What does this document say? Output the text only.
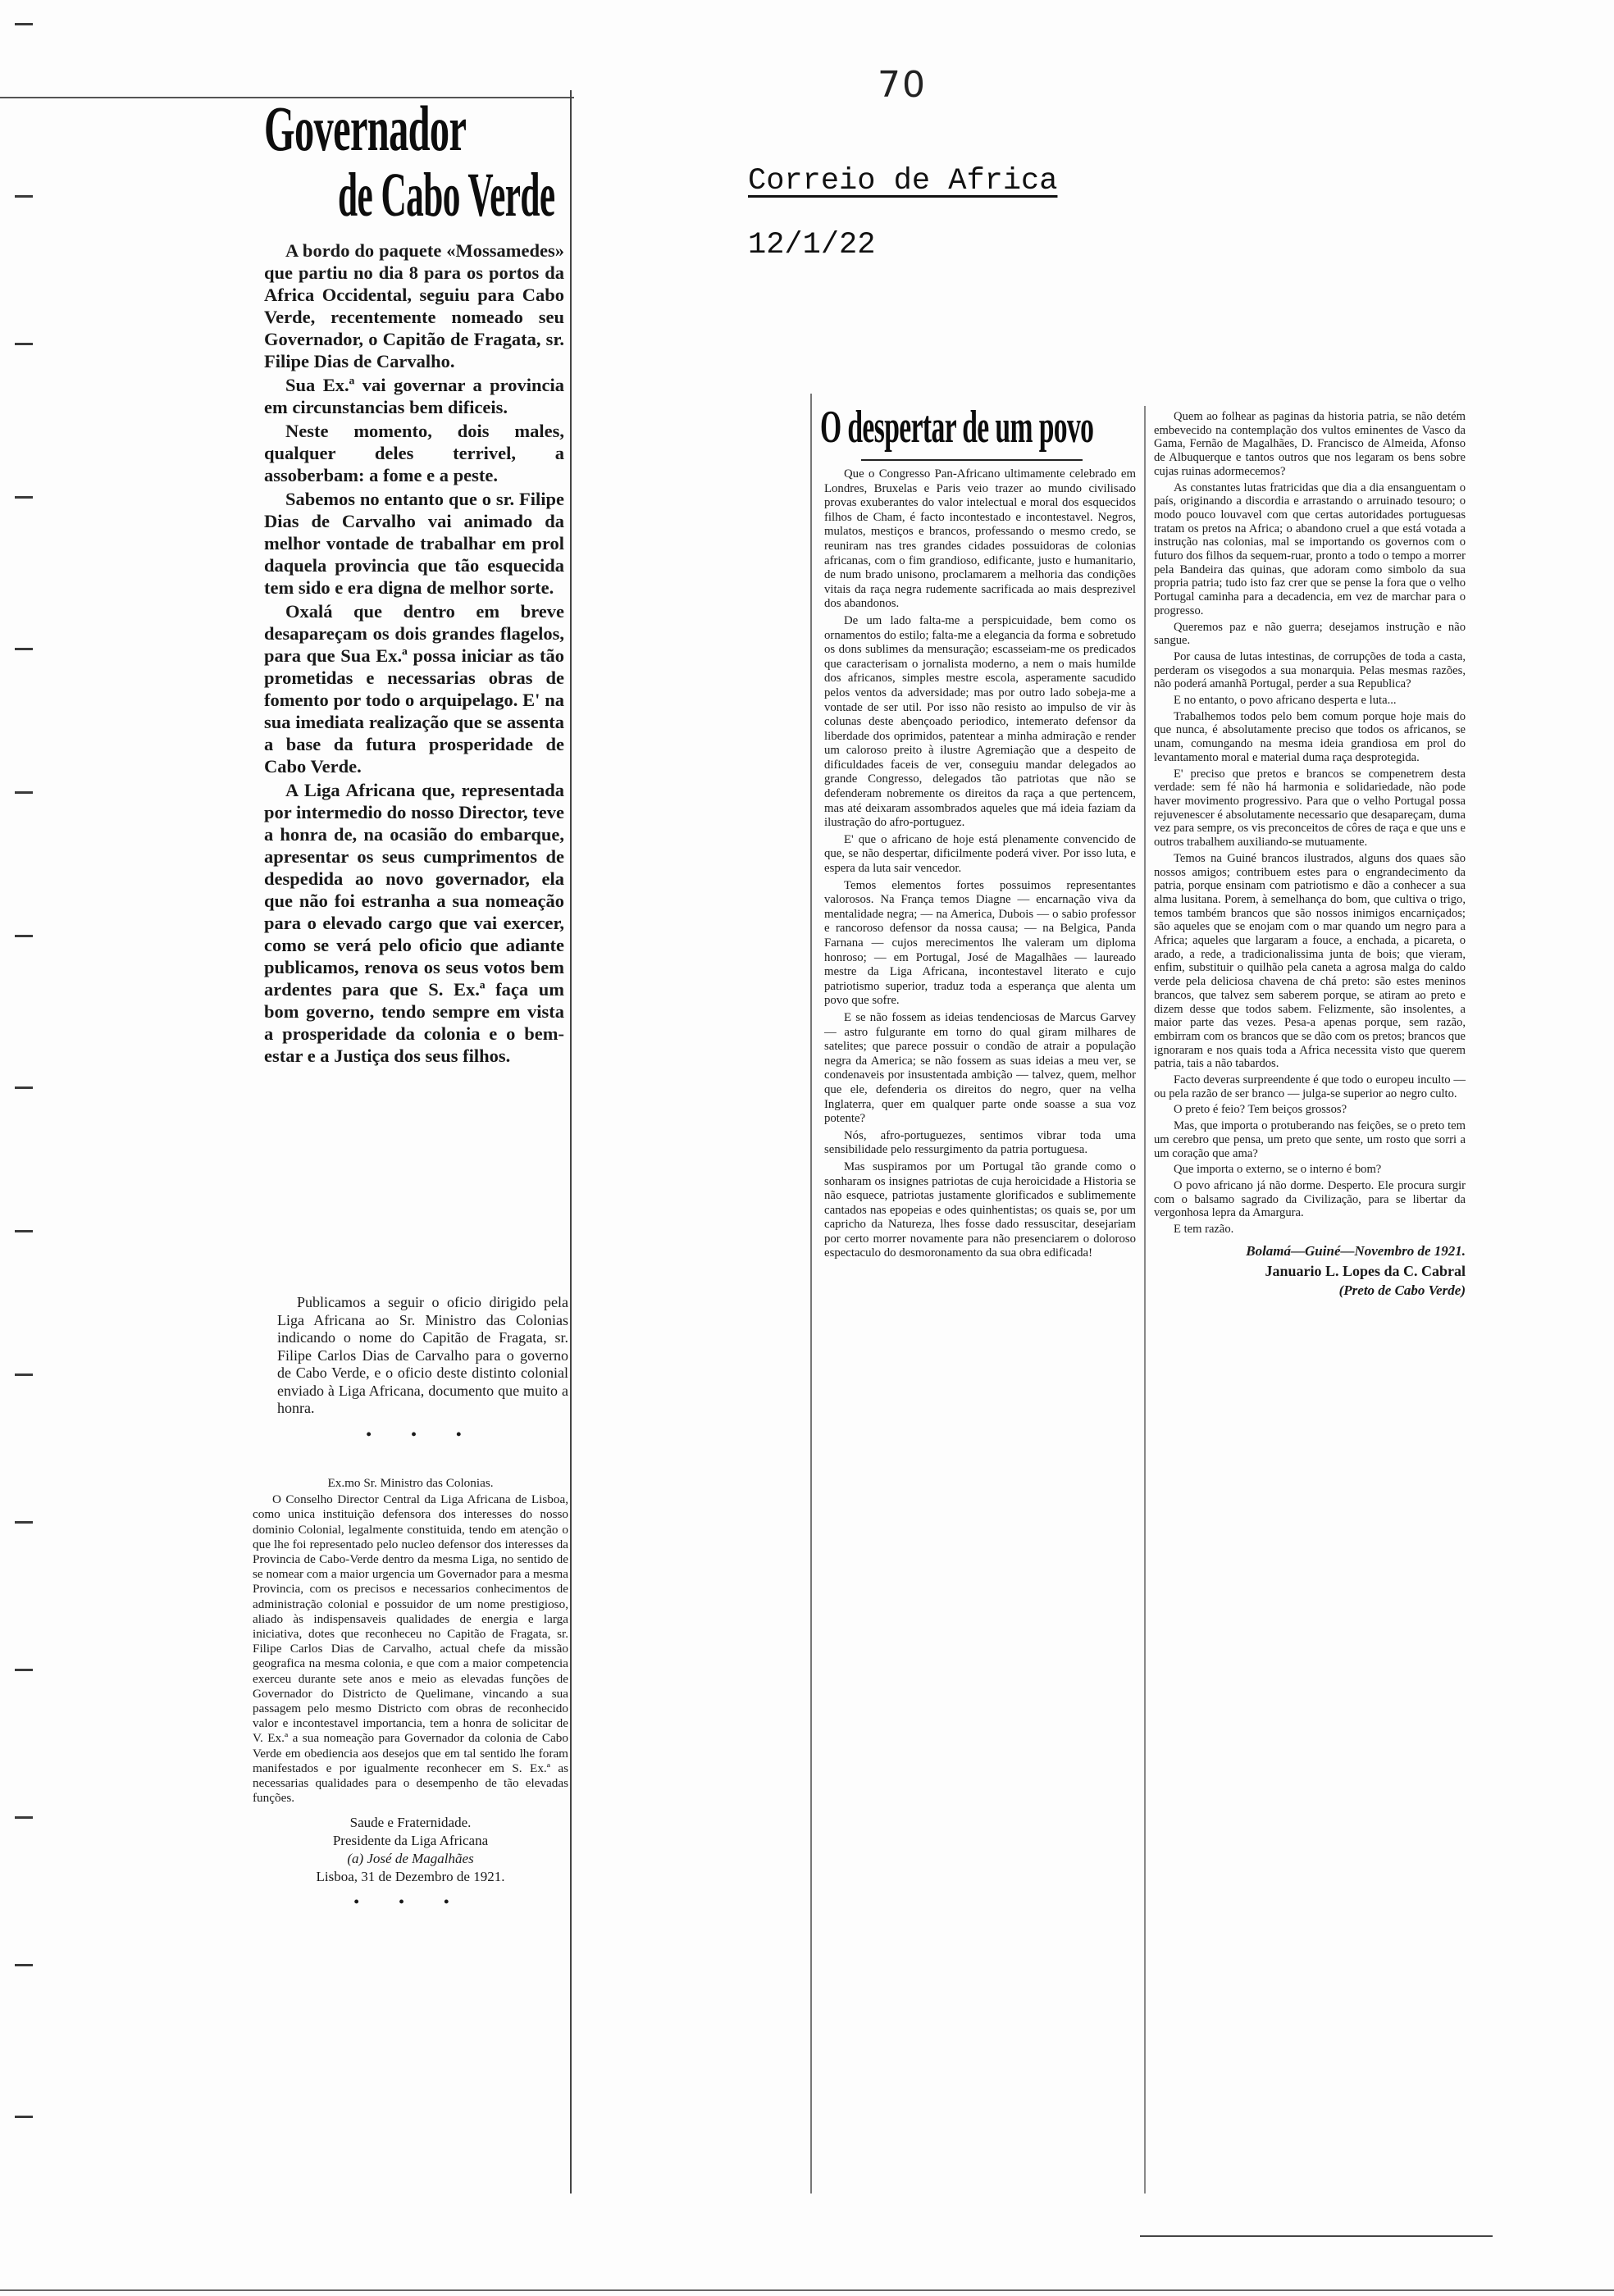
70
Correio de Africa
12/1/22
Governador
de Cabo Verde

A bordo do paquete «Mossamedes» que partiu no dia 8 para os portos da Africa Occidental, seguiu para Cabo Verde, recentemente nomeado seu Governador, o Capitão de Fragata, sr. Filipe Dias de Carvalho.

Sua Ex.ª vai governar a provincia em circunstancias bem dificeis.

Neste momento, dois males, qualquer deles terrivel, a assoberbam: a fome e a peste.

Sabemos no entanto que o sr. Filipe Dias de Carvalho vai animado da melhor vontade de trabalhar em prol daquela provincia que tão esquecida tem sido e era digna de melhor sorte.

Oxalá que dentro em breve desapareçam os dois grandes flagelos, para que Sua Ex.ª possa iniciar as tão prometidas e necessarias obras de fomento por todo o arquipelago. E' na sua imediata realização que se assenta a base da futura prosperidade de Cabo Verde.

A Liga Africana que, representada por intermedio do nosso Director, teve a honra de, na ocasião do embarque, apresentar os seus cumprimentos de despedida ao novo governador, ela que não foi estranha a sua nomeação para o elevado cargo que vai exercer, como se verá pelo oficio que adiante publicamos, renova os seus votos bem ardentes para que S. Ex.ª faça um bom governo, tendo sempre em vista a prosperidade da colonia e o bem-estar e a Justiça dos seus filhos.

Publicamos a seguir o oficio dirigido pela Liga Africana ao Sr. Ministro das Colonias indicando o nome do Capitão de Fragata, sr. Filipe Carlos Dias de Carvalho para o governo de Cabo Verde, e o oficio deste distinto colonial enviado à Liga Africana, documento que muito a honra.

• • •

Ex.mo Sr. Ministro das Colonias.

O Conselho Director Central da Liga Africana de Lisboa, como unica instituição defensora dos interesses do nosso dominio Colonial, legalmente constituida, tendo em atenção o que lhe foi representado pelo nucleo defensor dos interesses da Provincia de Cabo-Verde dentro da mesma Liga, no sentido de se nomear com a maior urgencia um Governador para a mesma Provincia, com os precisos e necessarios conhecimentos de administração colonial e possuidor de um nome prestigioso, aliado às indispensaveis qualidades de energia e larga iniciativa, dotes que reconheceu no Capitão de Fragata, sr. Filipe Carlos Dias de Carvalho, actual chefe da missão geografica na mesma colonia, e que com a maior competencia exerceu durante sete anos e meio as elevadas funções de Governador do Districto de Quelimane, vincando a sua passagem pelo mesmo Districto com obras de reconhecido valor e incontestavel importancia, tem a honra de solicitar de V. Ex.ª a sua nomeação para Governador da colonia de Cabo Verde em obediencia aos desejos que em tal sentido lhe foram manifestados e por igualmente reconhecer em S. Ex.ª as necessarias qualidades para o desempenho de tão elevadas funções.

Saude e Fraternidade.
Presidente da Liga Africana
(a) José de Magalhães
Lisboa, 31 de Dezembro de 1921.
• • •
O despertar de um povo

Que o Congresso Pan-Africano ultimamente celebrado em Londres, Bruxelas e Paris veio trazer ao mundo civilisado provas exuberantes do valor intelectual e moral dos esquecidos filhos de Cham, é facto incontestado e incontestavel. Negros, mulatos, mestiços e brancos, professando o mesmo credo, se reuniram nas tres grandes cidades possuidoras de colonias africanas, com o fim grandioso, edificante, justo e humanitario, de num brado unisono, proclamarem a melhoria das condições vitais da raça negra rudemente sacrificada ao mais desprezivel dos abandonos.

De um lado falta-me a perspicuidade, bem como os ornamentos do estilo; falta-me a elegancia da forma e sobretudo os dons sublimes da mensuração; escasseiam-me os predicados que caracterisam o jornalista moderno, a nem o mais humilde dos africanos, simples mestre escola, asperamente sacudido pelos ventos da adversidade; mas por outro lado sobeja-me a vontade de ser util. Por isso não resisto ao impulso de vir às colunas deste abençoado periodico, intemerato defensor da liberdade dos oprimidos, patentear a minha admiração e render um caloroso preito à ilustre Agremiação que a despeito de dificuldades faceis de ver, conseguiu mandar delegados ao grande Congresso, delegados tão patriotas que não se defenderam nobremente os direitos da raça a que pertencem, mas até deixaram assombrados aqueles que má ideia faziam da ilustração do afro-portuguez.

E' que o africano de hoje está plenamente convencido de que, se não despertar, dificilmente poderá viver. Por isso luta, e espera da luta sair vencedor.

Temos elementos fortes possuimos representantes valorosos. Na França temos Diagne — encarnação viva da mentalidade negra; — na America, Dubois — o sabio professor e rancoroso defensor da nossa causa; — na Belgica, Panda Farnana — cujos merecimentos lhe valeram um diploma honroso; — em Portugal, José de Magalhães — laureado mestre da Liga Africana, incontestavel literato e cujo patriotismo superior, traduz toda a esperança que alenta um povo que sofre.

E se não fossem as ideias tendenciosas de Marcus Garvey — astro fulgurante em torno do qual giram milhares de satelites; que parece possuir o condão de atrair a população negra da America; se não fossem as suas ideias a meu ver, se condenaveis por insustentada ambição — talvez, quem, melhor que ele, defenderia os direitos do negro, quer na velha Inglaterra, quer em qualquer parte onde soasse a sua voz potente?

Nós, afro-portuguezes, sentimos vibrar toda uma sensibilidade pelo ressurgimento da patria portuguesa.

Mas suspiramos por um Portugal tão grande como o sonharam os insignes patriotas de cuja heroicidade a Historia se não esquece, patriotas justamente glorificados e sublimemente cantados nas epopeias e odes quinhentistas; os quais se, por um capricho da Natureza, lhes fosse dado ressuscitar, desejariam por certo morrer novamente para não presenciarem o doloroso espectaculo do desmoronamento da sua obra edificada!

Quem ao folhear as paginas da historia patria, se não detém embevecido na contemplação dos vultos eminentes de Vasco da Gama, Fernão de Magalhães, D. Francisco de Almeida, Afonso de Albuquerque e tantos outros que nos legaram os bens sobre cujas ruinas adormecemos?

As constantes lutas fratricidas que dia a dia ensanguentam o país, originando a discordia e arrastando o arruinado tesouro; o modo pouco louvavel com que certas autoridades portuguesas tratam os pretos na Africa; o abandono cruel a que está votada a instrução nas colonias, mal se importando os governos com o futuro dos filhos da sequem-ruar, pronto a todo o tempo a morrer pela Bandeira das quinas, que adoram como simbolo da sua propria patria; tudo isto faz crer que se pense la fora que o velho Portugal caminha para a decadencia, em vez de marchar para o progresso.

Queremos paz e não guerra; desejamos instrução e não sangue.

Por causa de lutas intestinas, de corrupções de toda a casta, perderam os visegodos a sua monarquia. Pelas mesmas razões, não poderá amanhã Portugal, perder a sua Republica?

E no entanto, o povo africano desperta e luta...

Trabalhemos todos pelo bem comum porque hoje mais do que nunca, é absolutamente preciso que todos os africanos, se unam, comungando na mesma ideia grandiosa em prol do levantamento moral e material duma raça desprotegida.

E' preciso que pretos e brancos se compenetrem desta verdade: sem fé não há harmonia e solidariedade, não pode haver movimento progressivo. Para que o velho Portugal possa rejuvenescer é absolutamente necessario que desapareçam, duma vez para sempre, os vis preconceitos de côres de raça e que uns e outros trabalhem auxiliando-se mutuamente.

Temos na Guiné brancos ilustrados, alguns dos quaes são nossos amigos; contribuem estes para o engrandecimento da patria, porque ensinam com patriotismo e dão a conhecer a sua alma lusitana. Porem, à semelhança do bom, que cultiva o trigo, temos também brancos que são nossos inimigos encarniçados; são aqueles que se enojam com o mar quando um negro para a Africa; aqueles que largaram a fouce, a enchada, a picareta, o arado, a rede, a tradicionalissima junta de bois; que vieram, enfim, substituir o quilhão pela caneta a agrosa malga do caldo verde pela deliciosa chavena de chá preto: são estes meninos brancos, que talvez sem saberem porque, se atiram ao preto e dizem desse que todos sabem. Felizmente, são insolentes, a maior parte das vezes. Pesa-a apenas porque, sem razão, embirram com os brancos que se dão com os pretos; brancos que ignoraram e nos quais toda a Africa necessita visto que querem patria, tais a não tabardos.

Facto deveras surpreendente é que todo o europeu inculto — ou pela razão de ser branco — julga-se superior ao negro culto.

O preto é feio? Tem beiços grossos?

Mas, que importa o protuberando nas feições, se o preto tem um cerebro que pensa, um preto que sente, um rosto que sorri a um coração que ama?

Que importa o externo, se o interno é bom?

O povo africano já não dorme. Desperto. Ele procura surgir com o balsamo sagrado da Civilização, para se libertar da vergonhosa lepra da Amargura.

E tem razão.

Bolamá—Guiné—Novembro de 1921.
Januario L. Lopes da C. Cabral
(Preto de Cabo Verde)
